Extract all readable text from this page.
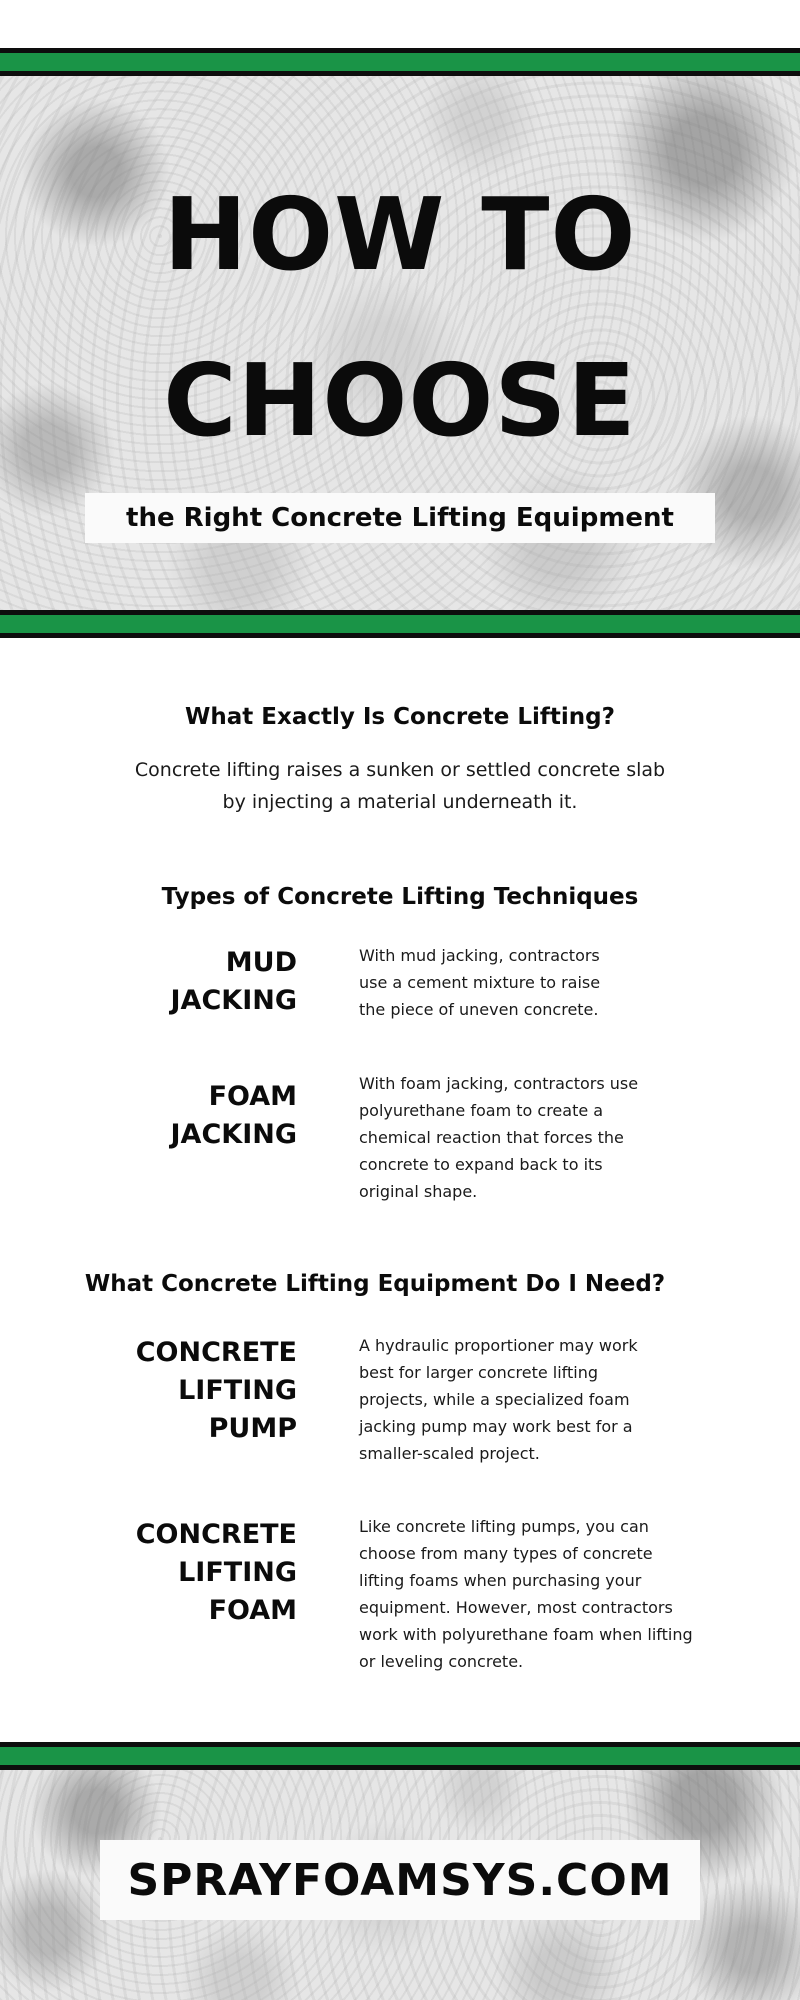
HOW TO
CHOOSE
the Right Concrete Lifting Equipment
What Exactly Is Concrete Lifting?

Concrete lifting raises a sunken or settled concrete slab by injecting a material underneath it.

Types of Concrete Lifting Techniques
MUD
JACKING

With mud jacking, contractors use a cement mixture to raise the piece of uneven concrete.

FOAM
JACKING

With foam jacking, contractors use polyurethane foam to create a chemical reaction that forces the concrete to expand back to its original shape.

What Concrete Lifting Equipment Do I Need?
CONCRETE
LIFTING
PUMP

A hydraulic proportioner may work best for larger concrete lifting projects, while a specialized foam jacking pump may work best for a smaller-scaled project.

CONCRETE
LIFTING
FOAM

Like concrete lifting pumps, you can choose from many types of concrete lifting foams when purchasing your equipment. However, most contractors work with polyurethane foam when lifting or leveling concrete.

SPRAYFOAMSYS.COM
